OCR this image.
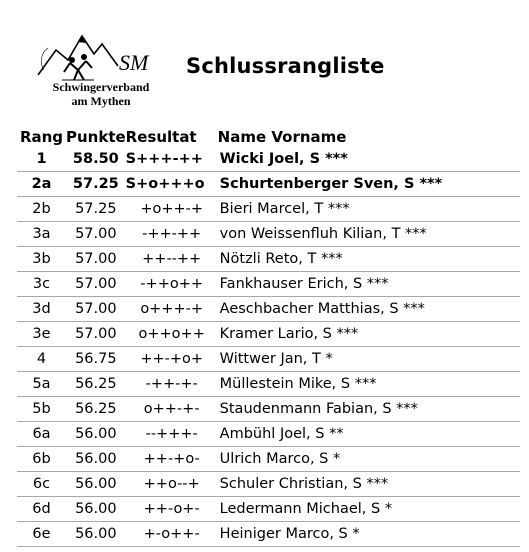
SM
Schwingerverband
am Mythen
Schlussrangliste
Rang	Punkte	Resultat	Name Vorname
1	58.50	S+++-++	Wicki Joel, S ***
2a	57.25	S+o+++o	Schurtenberger Sven, S ***
2b	57.25	+o++-+	Bieri Marcel, T ***
3a	57.00	-++-++	von Weissenfluh Kilian, T ***
3b	57.00	++--++	Nötzli Reto, T ***
3c	57.00	-++o++	Fankhauser Erich, S ***
3d	57.00	o+++-+	Aeschbacher Matthias, S ***
3e	57.00	o++o++	Kramer Lario, S ***
4	56.75	++-+o+	Wittwer Jan, T *
5a	56.25	-++-+-	Müllestein Mike, S ***
5b	56.25	o++-+-	Staudenmann Fabian, S ***
6a	56.00	--+++-	Ambühl Joel, S **
6b	56.00	++-+o-	Ulrich Marco, S *
6c	56.00	++o--+	Schuler Christian, S ***
6d	56.00	++-o+-	Ledermann Michael, S *
6e	56.00	+-o++-	Heiniger Marco, S *
